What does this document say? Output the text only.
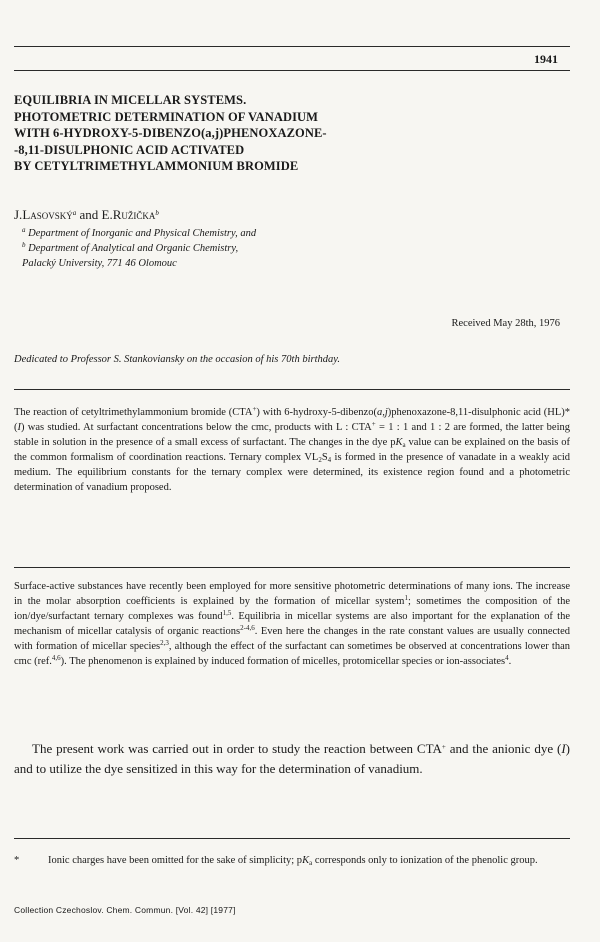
1941
EQUILIBRIA IN MICELLAR SYSTEMS.
PHOTOMETRIC DETERMINATION OF VANADIUM
WITH 6-HYDROXY-5-DIBENZO(a,j)PHENOXAZONE-
-8,11-DISULPHONIC ACID ACTIVATED
BY CETYLTRIMETHYLAMMONIUM BROMIDE
J.Lasovský$^a$ and E.Ružička$^b$
$^a$ Department of Inorganic and Physical Chemistry, and
$^b$ Department of Analytical and Organic Chemistry,
Palacký University, 771 46 Olomouc
Received May 28th, 1976
Dedicated to Professor S. Stankoviansky on the occasion of his 70th birthday.

The reaction of cetyltrimethylammonium bromide (CTA+) with 6-hydroxy-5-dibenzo(a,j)phenoxazone-8,11-disulphonic acid (HL)* (I) was studied. At surfactant concentrations below the cmc, products with L : CTA+ = 1 : 1 and 1 : 2 are formed, the latter being stable in solution in the presence of a small excess of surfactant. The changes in the dye $pK_a$ value can be explained on the basis of the common formalism of coordination reactions. Ternary complex $VL_2S_4$ is formed in the presence of vanadate in a weakly acid medium. The equilibrium constants for the ternary complex were determined, its existence region found and a photometric determination of vanadium proposed.

Surface-active substances have recently been employed for more sensitive photometric determinations of many ions. The increase in the molar absorption coefficients is explained by the formation of micellar system$^1$; sometimes the composition of the ion/dye/surfactant ternary complexes was found$^{1,5}$. Equilibria in micellar systems are also important for the explanation of the mechanism of micellar catalysis of organic reactions$^{2-4,6}$. Even here the changes in the rate constant values are usually connected with formation of micellar species$^{2,3}$, although the effect of the surfactant can sometimes be observed at concentrations lower than cmc (ref.$^{4,6}$). The phenomenon is explained by induced formation of micelles, protomicellar species or ion-associates$^4$.

The present work was carried out in order to study the reaction between CTA+ and the anionic dye (I) and to utilize the dye sensitized in this way for the determination of vanadium.

*	Ionic charges have been omitted for the sake of simplicity; $pK_a$ corresponds only to ionization of the phenolic group.

Collection Czechoslov. Chem. Commun. [Vol. 42] [1977]
